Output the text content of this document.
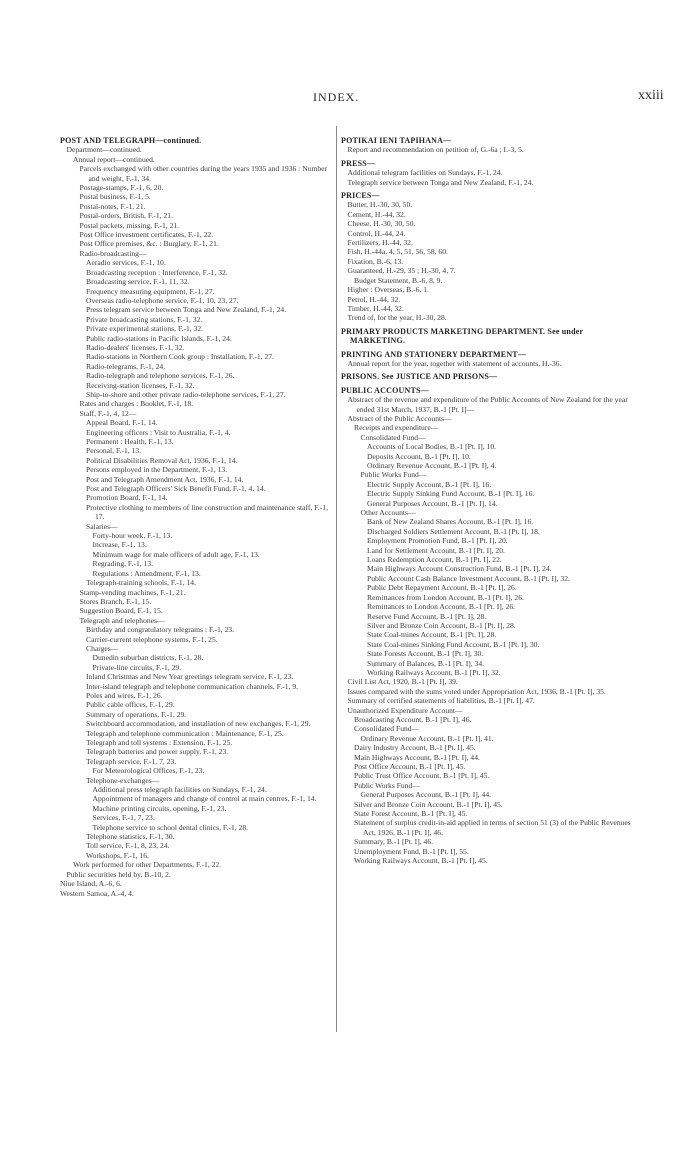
INDEX.	xxiii
POST AND TELEGRAPH—continued.
Department—continued.
Annual report—continued.
Parcels exchanged with other countries during the years 1935 and 1936 : Number and weight, F.-1, 34.
Postage-stamps, F.-1, 6, 20.
Postal business, F.-1, 5.
Postal-notes, F.-1, 21.
Postal-orders, British, F.-1, 21.
Postal packets, missing, F.-1, 21.
Post Office investment certificates, F.-1, 22.
Post Office premises, &c. : Burglary, F.-1, 21.
Radio-broadcasting—
Aeradio services, F.-1, 10.
Broadcasting reception : Interference, F.-1, 32.
Broadcasting service, F.-1, 11, 32.
Frequency measuring equipment, F.-1, 27.
Overseas radio-telephone service, F.-1, 10, 23, 27.
Press telegram service between Tonga and New Zealand, F.-1, 24.
Private broadcasting stations, F.-1, 32.
Private experimental stations, F.-1, 32.
Public radio-stations in Pacific Islands, F.-1, 24.
Radio-dealers' licenses, F.-1, 32.
Radio-stations in Northern Cook group : Installation, F.-1, 27.
Radio-telegrams, F.-1, 24.
Radio-telegraph and telephone services, F.-1, 26.
Receiving-station licenses, F.-1, 32.
Ship-to-shore and other private radio-telephone services, F.-1, 27.
Rates and charges : Booklet, F.-1, 18.
Staff, F.-1, 4, 12—
Appeal Board, F.-1, 14.
Engineering officers : Visit to Australia, F.-1, 4.
Permanent : Health, F.-1, 13.
Personal, F.-1, 13.
Political Disabilities Removal Act, 1936, F.-1, 14.
Persons employed in the Department, F.-1, 13.
Post and Telegraph Amendment Act, 1936, F.-1, 14.
Post and Telegraph Officers' Sick Benefit Fund, F.-1, 4, 14.
Promotion Board, F.-1, 14.
Protective clothing to members of line construction and maintenance staff, F.-1, 17.
Salaries—
Forty-hour week, F.-1, 13.
Increase, F.-1, 13.
Minimum wage for male officers of adult age, F.-1, 13.
Regrading, F.-1, 13.
Regulations : Amendment, F.-1, 13.
Telegraph-training schools, F.-1, 14.
Stamp-vending machines, F.-1, 21.
Stores Branch, F.-1, 15.
Suggestion Board, F.-1, 15.
Telegraph and telephones—
Birthday and congratulatory telegrams : F.-1, 23.
Carrier-current telephone systems, F.-1, 25.
Charges—
Dunedin suburban districts, F.-1, 28.
Private-line circuits, F.-1, 29.
Inland Christmas and New Year greetings telegram service, F.-1, 23.
Inter-island telegraph and telephone communication channels, F.-1, 9.
Poles and wires, F.-1, 26.
Public cable offices, F.-1, 29.
Summary of operations, F.-1, 29.
Switchboard accommodation, and installation of new exchanges, F.-1, 29.
Telegraph and telephone communication : Maintenance, F.-1, 25.
Telegraph and toll systems : Extension, F.-1, 25.
Telegraph batteries and power supply, F.-1, 23.
Telegraph service, F.-1, 7, 23.
For Meteorological Offices, F.-1, 23.
Telephone-exchanges—
Additional press telegraph facilities on Sundays, F.-1, 24.
Appointment of managers and change of control at main centres, F.-1, 14.
Machine printing circuits, opening, F.-1, 23.
Services, F.-1, 7, 23.
Telephone service to school dental clinics, F.-1, 28.
Telephone statistics, F.-1, 30.
Toll service, F.-1, 8, 23, 24.
Workshops, F.-1, 16.
Work performed for other Departments, F.-1, 22.
Public securities held by, B.-10, 2.
Niue Island, A.-6, 6.
Western Samoa, A.-4, 4.
POTIKAI IENI TAPIHANA—
Report and recommendation on petition of, G.-6a ; I.-3, 5.
PRESS—
Additional telegram facilities on Sundays, F.-1, 24.
Telegraph service between Tonga and New Zealand, F.-1, 24.
PRICES—
Butter, H.-30, 30, 50.
Cement, H.-44, 32.
Cheese, H.-30, 30, 50.
Control, H.-44, 24.
Fertilizers, H.-44, 32.
Fish, H.-44a, 4, 5, 51, 56, 58, 60.
Fixation, B.-6, 13.
Guaranteed, H.-29, 35 ; H.-30, 4, 7.
Budget Statement, B.-6, 8, 9.
Higher : Overseas, B.-6, 1.
Petrol, H.-44, 32.
Timber, H.-44, 32.
Trend of, for the year, H.-30, 28.
PRIMARY PRODUCTS MARKETING DEPARTMENT. See under MARKETING.
PRINTING AND STATIONERY DEPARTMENT—
Annual report for the year, together with statement of accounts, H.-36.
PRISONS. See JUSTICE AND PRISONS—
PUBLIC ACCOUNTS—
Abstract of the revenue and expenditure of the Public Accounts of New Zealand for the year ended 31st March, 1937, B.-1 [Pt. I]—
Abstract of the Public Accounts—
Receipts and expenditure—
Consolidated Fund—
Accounts of Local Bodies, B.-1 [Pt. I], 10.
Deposits Account, B.-1 [Pt. I], 10.
Ordinary Revenue Account, B.-1 [Pt. I], 4.
Public Works Fund—
Electric Supply Account, B.-1 [Pt. I], 16.
Electric Supply Sinking Fund Account, B.-1 [Pt. I], 16.
General Purposes Account, B.-1 [Pt. I], 14.
Other Accounts—
Bank of New Zealand Shares Account, B.-1 [Pt. I], 16.
Discharged Soldiers Settlement Account, B.-1 [Pt. I], 18.
Employment Promotion Fund, B.-1 [Pt. I], 20.
Land for Settlement Account, B.-1 [Pt. I], 20.
Loans Redemption Account, B.-1 [Pt. I], 22.
Main Highways Account Construction Fund, B.-1 [Pt. I], 24.
Public Account Cash Balance Investment Account, B.-1 [Pt. I], 32.
Public Debt Repayment Account, B.-1 [Pt. I], 26.
Remittances from London Account, B.-1 [Pt. I], 26.
Remittances to London Account, B.-1 [Pt. I], 26.
Reserve Fund Account, B.-1 [Pt. I], 28.
Silver and Bronze Coin Account, B.-1 [Pt. I], 28.
State Coal-mines Account, B.-1 [Pt. I], 28.
State Coal-mines Sinking Fund Account, B.-1 [Pt. I], 30.
State Forests Account, B.-1 [Pt. I], 30.
Summary of Balances, B.-1 [Pt. I], 34.
Working Railways Account, B.-1 [Pt. I], 32.
Civil List Act, 1920, B.-1 [Pt. I], 39.
Issues compared with the sums voted under Appropriation Act, 1936, B.-1 [Pt. I], 35.
Summary of certified statements of liabilities, B.-1 [Pt. I], 47.
Unauthorized Expenditure Account—
Broadcasting Account, B.-1 [Pt. I], 46.
Consolidated Fund—
Ordinary Revenue Account, B.-1 [Pt. I], 41.
Dairy Industry Account, B.-1 [Pt. I], 45.
Main Highways Account, B.-1 [Pt. I], 44.
Post Office Account, B.-1 [Pt. I], 45.
Public Trust Office Account, B.-1 [Pt. I], 45.
Public Works Fund—
General Purposes Account, B.-1 [Pt. I], 44.
Silver and Bronze Coin Account, B.-1 [Pt. I], 45.
State Forest Account, B.-1 [Pt. I], 45.
Statement of surplus credit-in-aid applied in terms of section 51 (3) of the Public Revenues Act, 1926, B.-1 [Pt. I], 46.
Summary, B.-1 [Pt. I], 46.
Unemployment Fund, B.-1 [Pt. I], 55.
Working Railways Account, B.-1 [Pt. I], 45.
